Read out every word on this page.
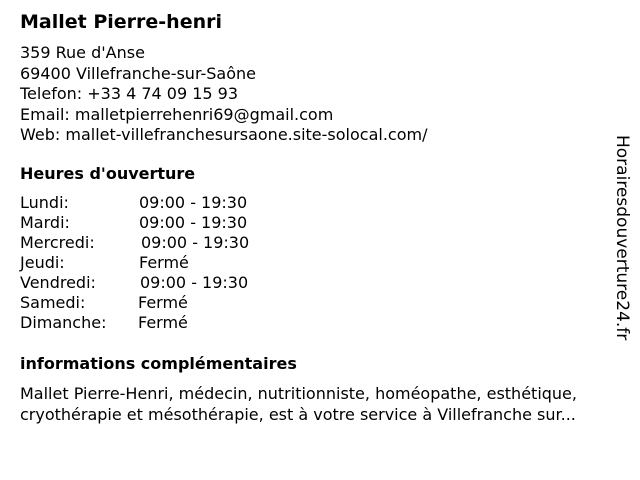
Mallet Pierre-henri
359 Rue d'Anse
69400 Villefranche-sur-Saône
Telefon: +33 4 74 09 15 93
Email: malletpierrehenri69@gmail.com
Web: mallet-villefranchesursaone.site-solocal.com/
Heures d'ouverture
Lundi:	09:00 - 19:30
Mardi:	09:00 - 19:30
Mercredi:	09:00 - 19:30
Jeudi:	Fermé
Vendredi:	09:00 - 19:30
Samedi:	Fermé
Dimanche: Fermé
informations complémentaires
Mallet Pierre-Henri, médecin, nutritionniste, homéopathe, esthétique,
cryothérapie et mésothérapie, est à votre service à Villefranche sur...
Horairesdouverture24.fr
